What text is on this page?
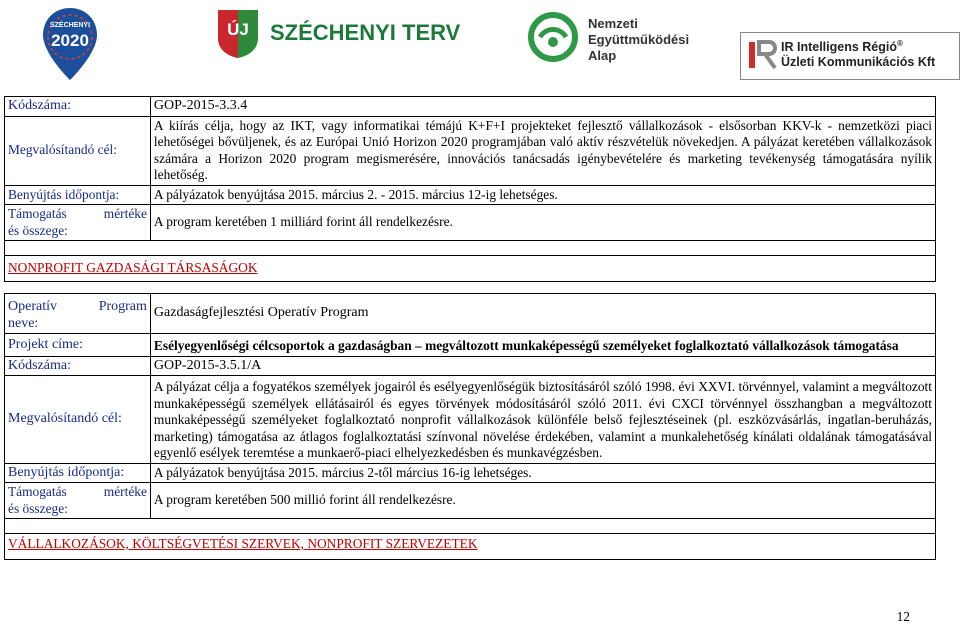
SZÉCHENYI
2020
ÚJ SZÉCHENYI TERV	Nemzeti
Együttműködési
Alap
IR Intelligens Régió®
Üzleti Kommunikációs Kft
Kódszáma:	GOP-2015-3.3.4
Megvalósítandó cél:	A kiírás célja, hogy az IKT, vagy informatikai témájú K+F+I projekteket fejlesztő vállalkozások - elsősorban KKV-k - nemzetközi piaci lehetőségei bővüljenek, és az Európai Unió Horizon 2020 programjában való aktív részvételük növekedjen. A pályázat keretében vállalkozások számára a Horizon 2020 program megismerésére, innovációs tanácsadás igénybevételére és marketing tevékenység támogatására nyílik lehetőség.
Benyújtás időpontja:	A pályázatok benyújtása 2015. március 2. - 2015. március 12-ig lehetséges.

Támogatás mértéke
és összege:	A program keretében 1 milliárd forint áll rendelkezésre.

NONPROFIT GAZDASÁGI TÁRSASÁGOK	
Operatív Program
neve:	Gazdaságfejlesztési Operatív Program
Projekt címe:	Esélyegyenlőségi célcsoportok a gazdaságban – megváltozott munkaképességű személyeket foglalkoztató vállalkozások támogatása
Kódszáma:	GOP-2015-3.5.1/A
Megvalósítandó cél:	A pályázat célja a fogyatékos személyek jogairól és esélyegyenlőségük biztosításáról szóló 1998. évi XXVI. törvénnyel, valamint a megváltozott munkaképességű személyek ellátásairól és egyes törvények módosításáról szóló 2011. évi CXCI törvénnyel összhangban a megváltozott munkaképességű személyeket foglalkoztató nonprofit vállalkozások különféle belső fejlesztéseinek (pl. eszközvásárlás, ingatlan-beruházás, marketing) támogatása az átlagos foglalkoztatási színvonal növelése érdekében, valamint a munkalehetőség kínálati oldalának támogatásával egyenlő esélyek teremtése a munkaerő-piaci elhelyezkedésben és munkavégzésben.
Benyújtás időpontja:	A pályázatok benyújtása 2015. március 2-től március 16-ig lehetséges.

Támogatás mértéke
és összege:	A program keretében 500 millió forint áll rendelkezésre.

VÁLLALKOZÁSOK, KÖLTSÉGVETÉSI SZERVEK, NONPROFIT SZERVEZETEK	
12
